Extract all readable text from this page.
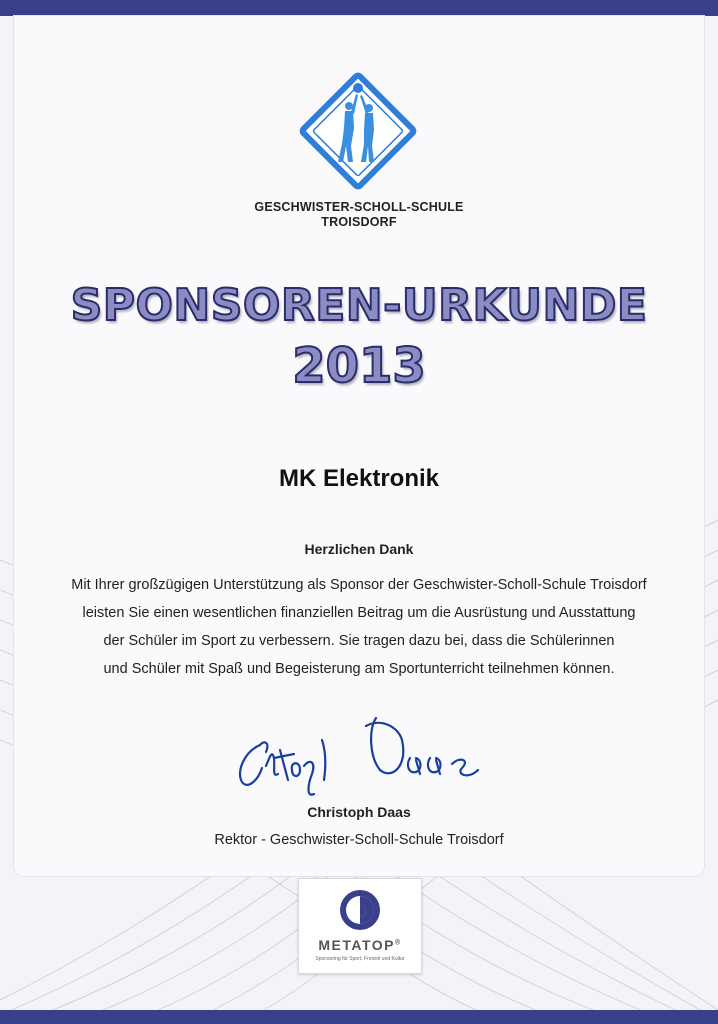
GESCHWISTER-SCHOLL-SCHULE
TROISDORF
SPONSOREN-URKUNDE
2013
MK Elektronik
Herzlichen Dank
Mit Ihrer großzügigen Unterstützung als Sponsor der Geschwister-Scholl-Schule Troisdorf
leisten Sie einen wesentlichen finanziellen Beitrag um die Ausrüstung und Ausstattung
der Schüler im Sport zu verbessern. Sie tragen dazu bei, dass die Schülerinnen
und Schüler mit Spaß und Begeisterung am Sportunterricht teilnehmen können.
Christoph Daas
Rektor - Geschwister-Scholl-Schule Troisdorf
METATOP®
Sponsoring für Sport, Freizeit und Kultur
